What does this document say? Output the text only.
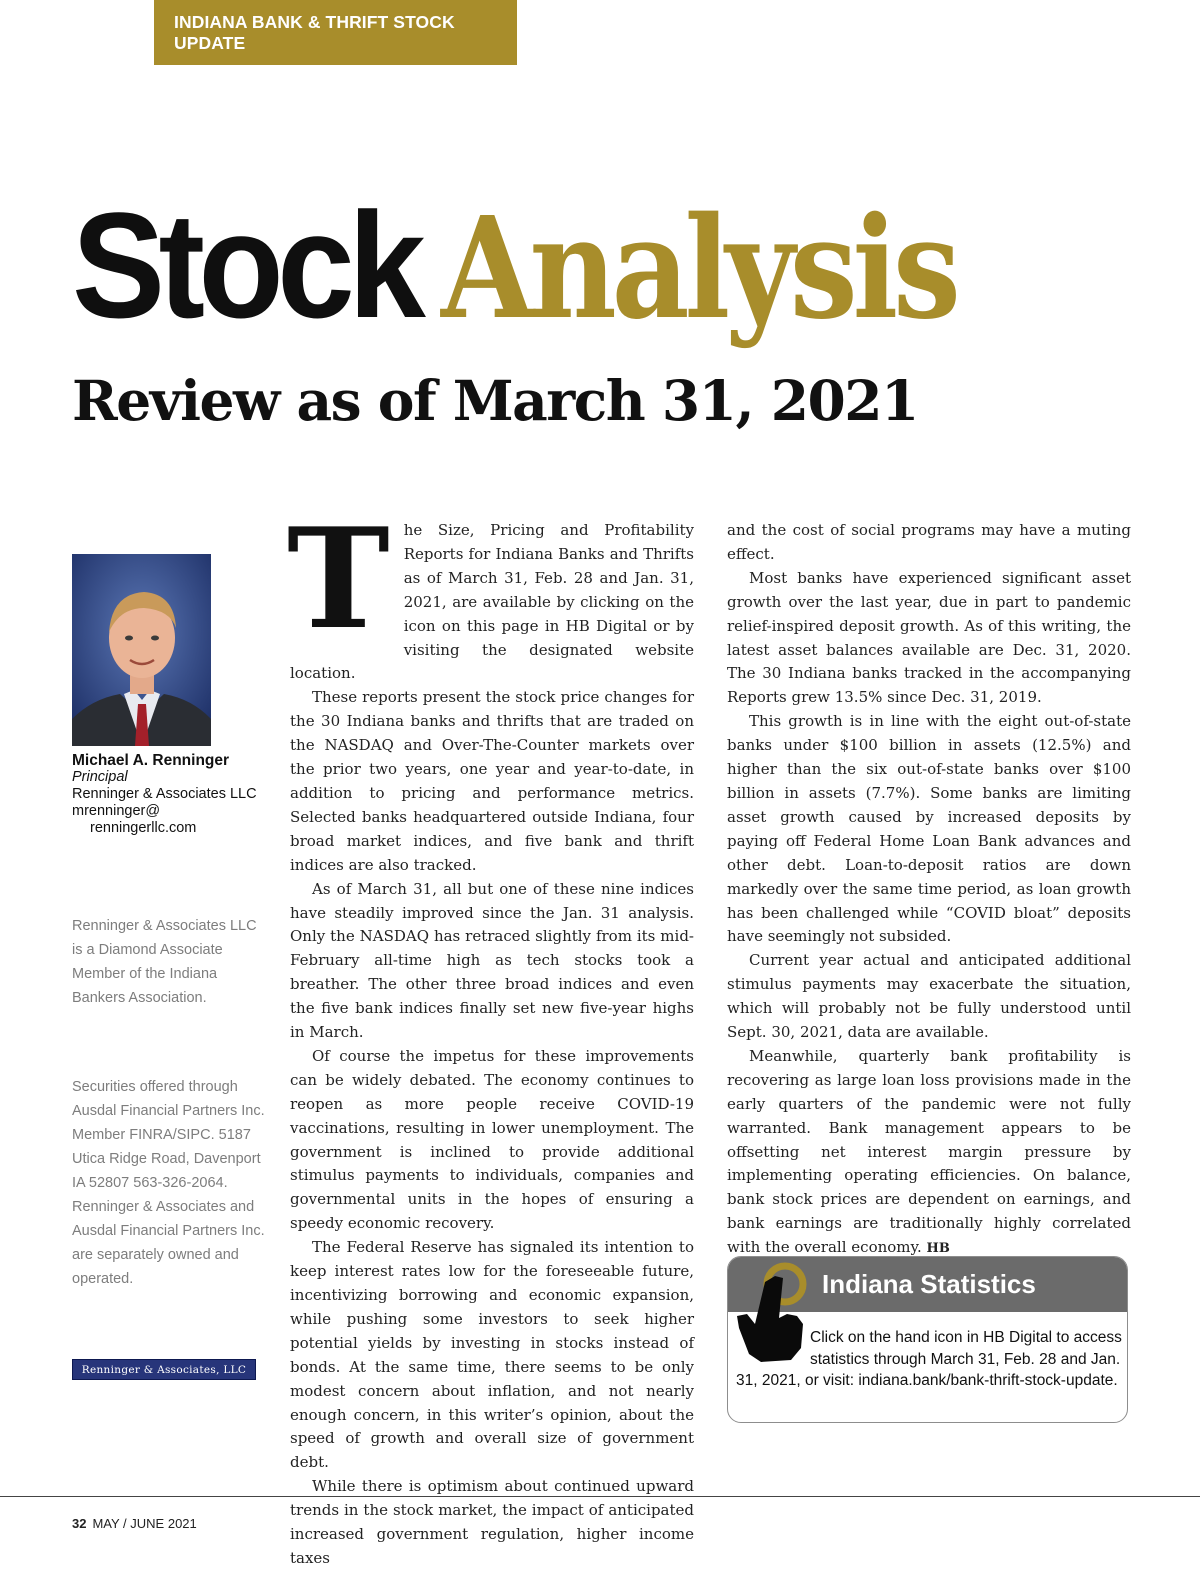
INDIANA BANK & THRIFT STOCK UPDATE
Stock Analysis
Review as of March 31, 2021
Michael A. Renninger
Principal
Renninger & Associates LLC
mrenninger@
renningerllc.com
Renninger & Associates LLC is a Diamond Associate Member of the Indiana Bankers Association.
Securities offered through Ausdal Financial Partners Inc. Member FINRA/SIPC. 5187 Utica Ridge Road, Davenport IA 52807 563-326-2064. Renninger & Associates and Ausdal Financial Partners Inc. are separately owned and operated.
Renninger & Associates, LLC

The Size, Pricing and Profitability Reports for Indiana Banks and Thrifts as of March 31, Feb. 28 and Jan. 31, 2021, are available by clicking on the icon on this page in HB Digital or by visiting the designated website location.

These reports present the stock price changes for the 30 Indiana banks and thrifts that are traded on the NASDAQ and Over-The-Counter markets over the prior two years, one year and year-to-date, in addition to pricing and performance metrics. Selected banks headquartered outside Indiana, four broad market indices, and five bank and thrift indices are also tracked.

As of March 31, all but one of these nine indices have steadily improved since the Jan. 31 analysis. Only the NASDAQ has retraced slightly from its mid-February all-time high as tech stocks took a breather. The other three broad indices and even the five bank indices finally set new five-year highs in March.

Of course the impetus for these improvements can be widely debated. The economy continues to reopen as more people receive COVID-19 vaccinations, resulting in lower unemployment. The government is inclined to provide additional stimulus payments to individuals, companies and governmental units in the hopes of ensuring a speedy economic recovery.

The Federal Reserve has signaled its intention to keep interest rates low for the foreseeable future, incentivizing borrowing and economic expansion, while pushing some investors to seek higher potential yields by investing in stocks instead of bonds. At the same time, there seems to be only modest concern about inflation, and not nearly enough concern, in this writer’s opinion, about the speed of growth and overall size of government debt.

While there is optimism about continued upward trends in the stock market, the impact of anticipated increased government regulation, higher income taxes

and the cost of social programs may have a muting effect.

Most banks have experienced significant asset growth over the last year, due in part to pandemic relief-inspired deposit growth. As of this writing, the latest asset balances available are Dec. 31, 2020. The 30 Indiana banks tracked in the accompanying Reports grew 13.5% since Dec. 31, 2019.

This growth is in line with the eight out-of-state banks under $100 billion in assets (12.5%) and higher than the six out-of-state banks over $100 billion in assets (7.7%). Some banks are limiting asset growth caused by increased deposits by paying off Federal Home Loan Bank advances and other debt. Loan-to-deposit ratios are down markedly over the same time period, as loan growth has been challenged while “COVID bloat” deposits have seemingly not subsided.

Current year actual and anticipated additional stimulus payments may exacerbate the situation, which will probably not be fully understood until Sept. 30, 2021, data are available.

Meanwhile, quarterly bank profitability is recovering as large loan loss provisions made in the early quarters of the pandemic were not fully warranted. Bank management appears to be offsetting net interest margin pressure by implementing operating efficiencies. On balance, bank stock prices are dependent on earnings, and bank earnings are traditionally highly correlated with the overall economy. HB

Indiana Statistics
Click on the hand icon in HB Digital to access statistics through March 31, Feb. 28 and Jan. 31, 2021, or visit: indiana.bank/bank-thrift-stock-update.
32 MAY / JUNE 2021
